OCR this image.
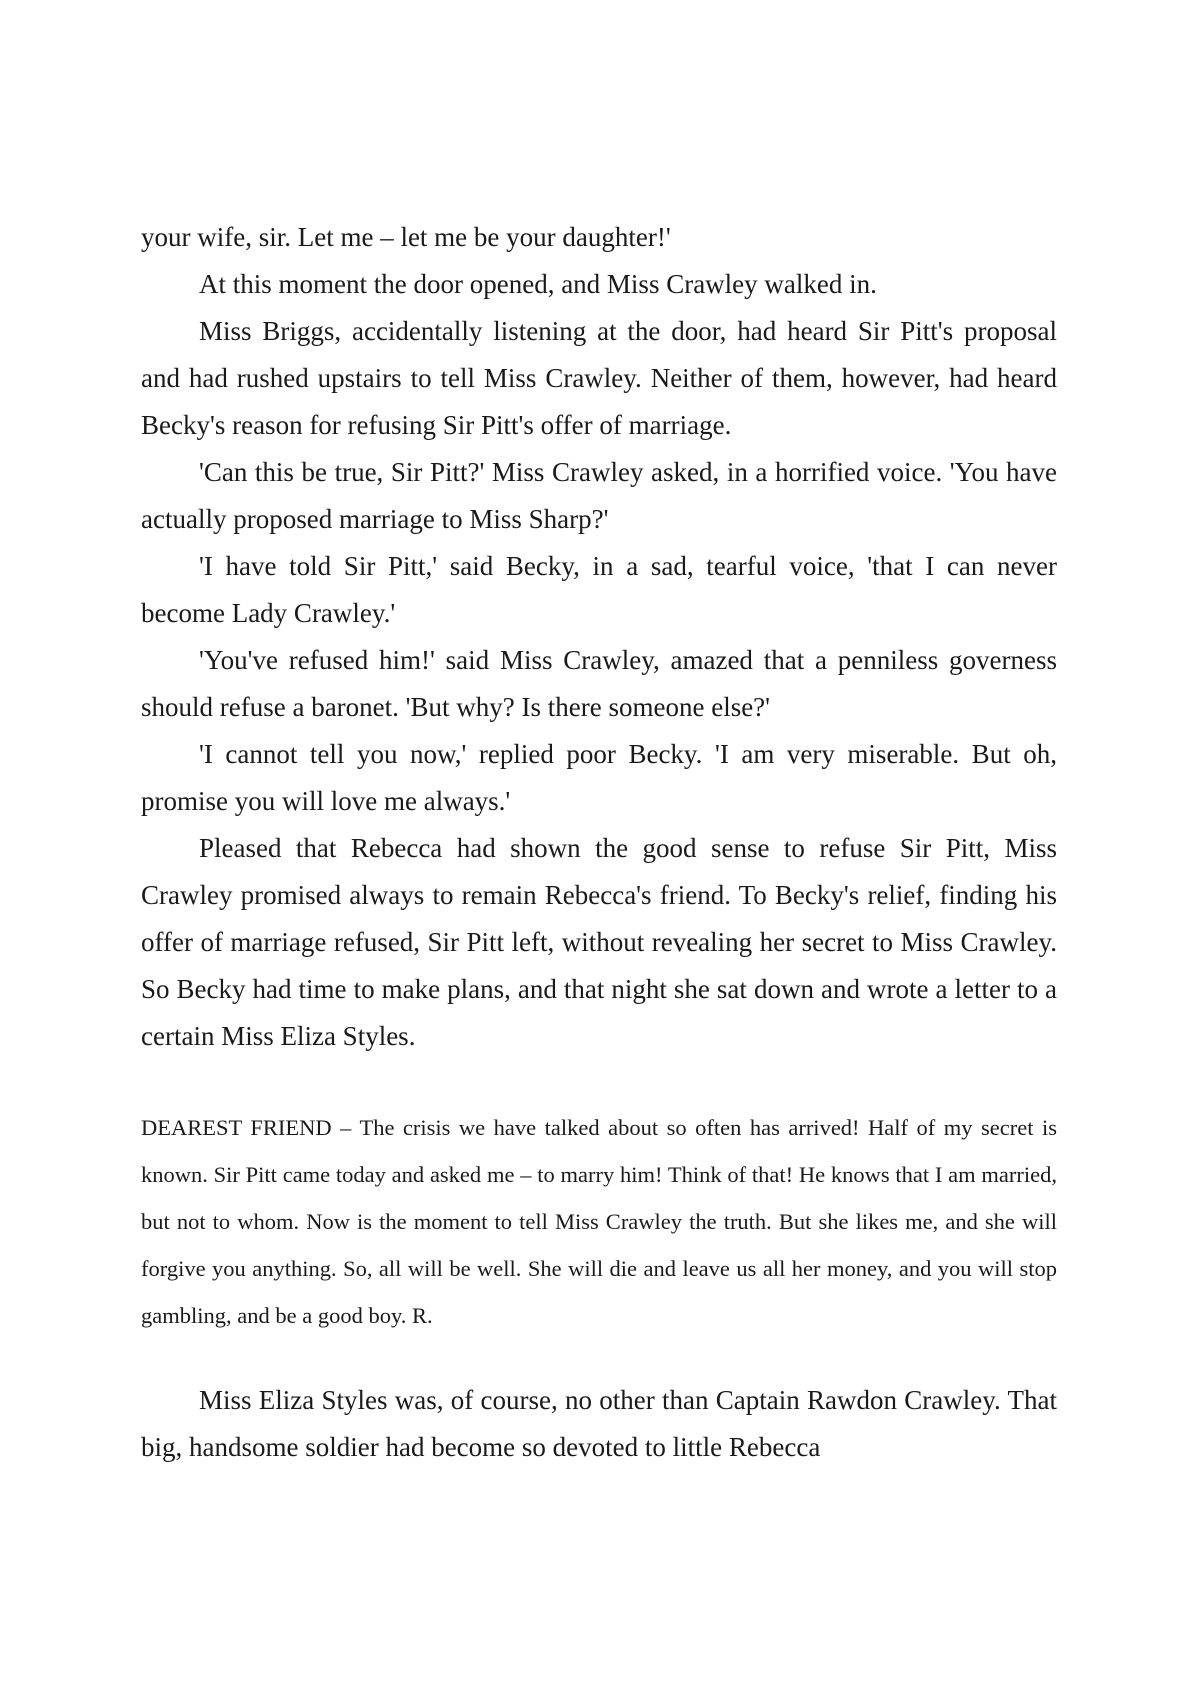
your wife, sir. Let me – let me be your daughter!'

At this moment the door opened, and Miss Crawley walked in.

Miss Briggs, accidentally listening at the door, had heard Sir Pitt's proposal and had rushed upstairs to tell Miss Crawley. Neither of them, however, had heard Becky's reason for refusing Sir Pitt's offer of marriage.

'Can this be true, Sir Pitt?' Miss Crawley asked, in a horrified voice. 'You have actually proposed marriage to Miss Sharp?'

'I have told Sir Pitt,' said Becky, in a sad, tearful voice, 'that I can never become Lady Crawley.'

'You've refused him!' said Miss Crawley, amazed that a penniless governess should refuse a baronet. 'But why? Is there someone else?'

'I cannot tell you now,' replied poor Becky. 'I am very miserable. But oh, promise you will love me always.'

Pleased that Rebecca had shown the good sense to refuse Sir Pitt, Miss Crawley promised always to remain Rebecca's friend. To Becky's relief, finding his offer of marriage refused, Sir Pitt left, without revealing her secret to Miss Crawley. So Becky had time to make plans, and that night she sat down and wrote a letter to a certain Miss Eliza Styles.

DEAREST FRIEND – The crisis we have talked about so often has arrived! Half of my secret is known. Sir Pitt came today and asked me – to marry him! Think of that! He knows that I am married, but not to whom. Now is the moment to tell Miss Crawley the truth. But she likes me, and she will forgive you anything. So, all will be well. She will die and leave us all her money, and you will stop gambling, and be a good boy. R.

Miss Eliza Styles was, of course, no other than Captain Rawdon Crawley. That big, handsome soldier had become so devoted to little Rebecca
